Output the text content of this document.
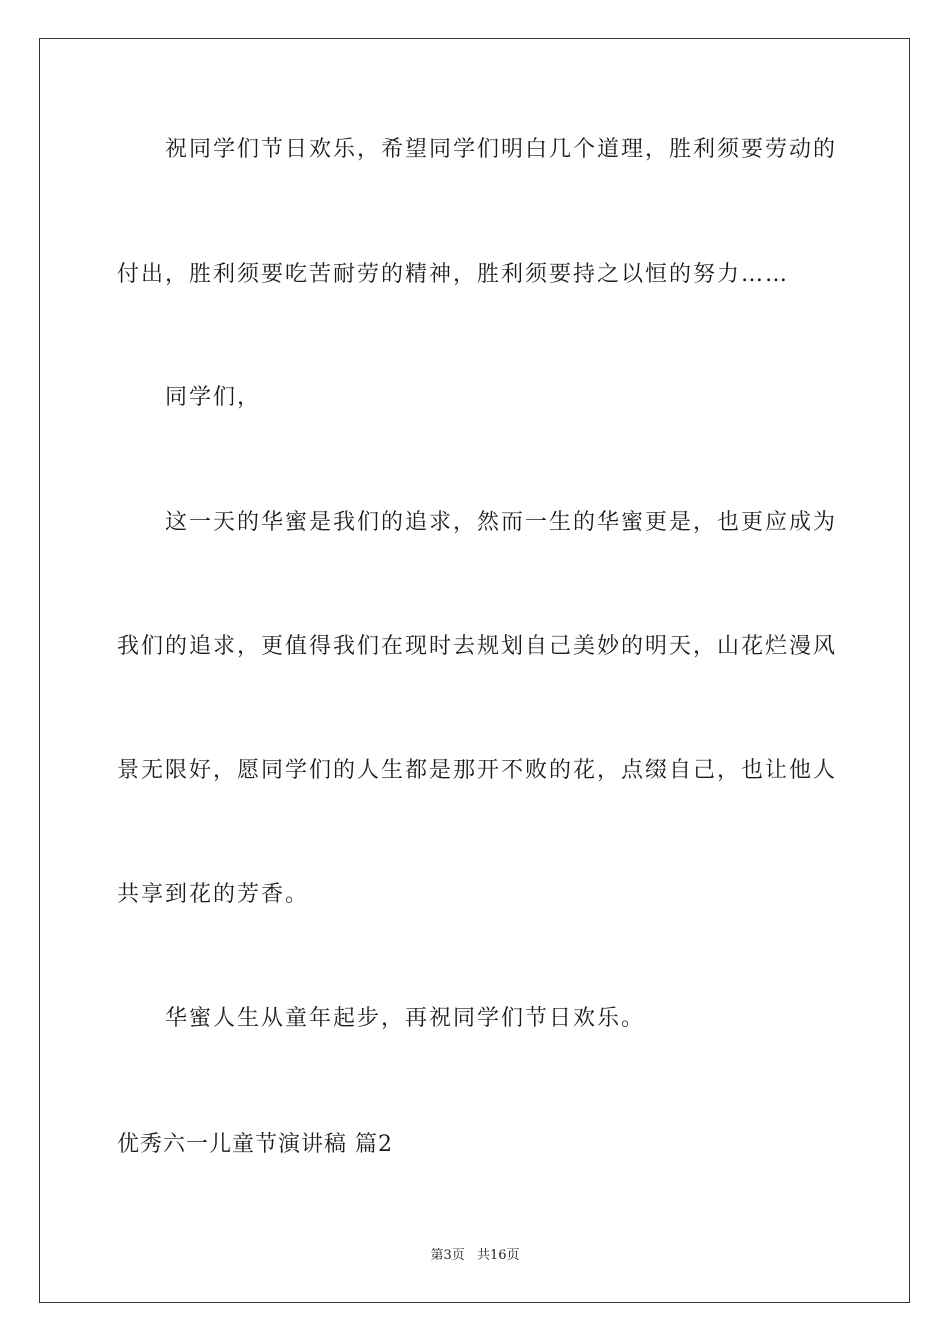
祝同学们节日欢乐，希望同学们明白几个道理，胜利须要劳动的
付出，胜利须要吃苦耐劳的精神，胜利须要持之以恒的努力……
同学们，
这一天的华蜜是我们的追求，然而一生的华蜜更是，也更应成为
我们的追求，更值得我们在现时去规划自己美妙的明天，山花烂漫风
景无限好，愿同学们的人生都是那开不败的花，点缀自己，也让他人
共享到花的芳香。
华蜜人生从童年起步，再祝同学们节日欢乐。
优秀六一儿童节演讲稿 篇2
第3页 共16页
